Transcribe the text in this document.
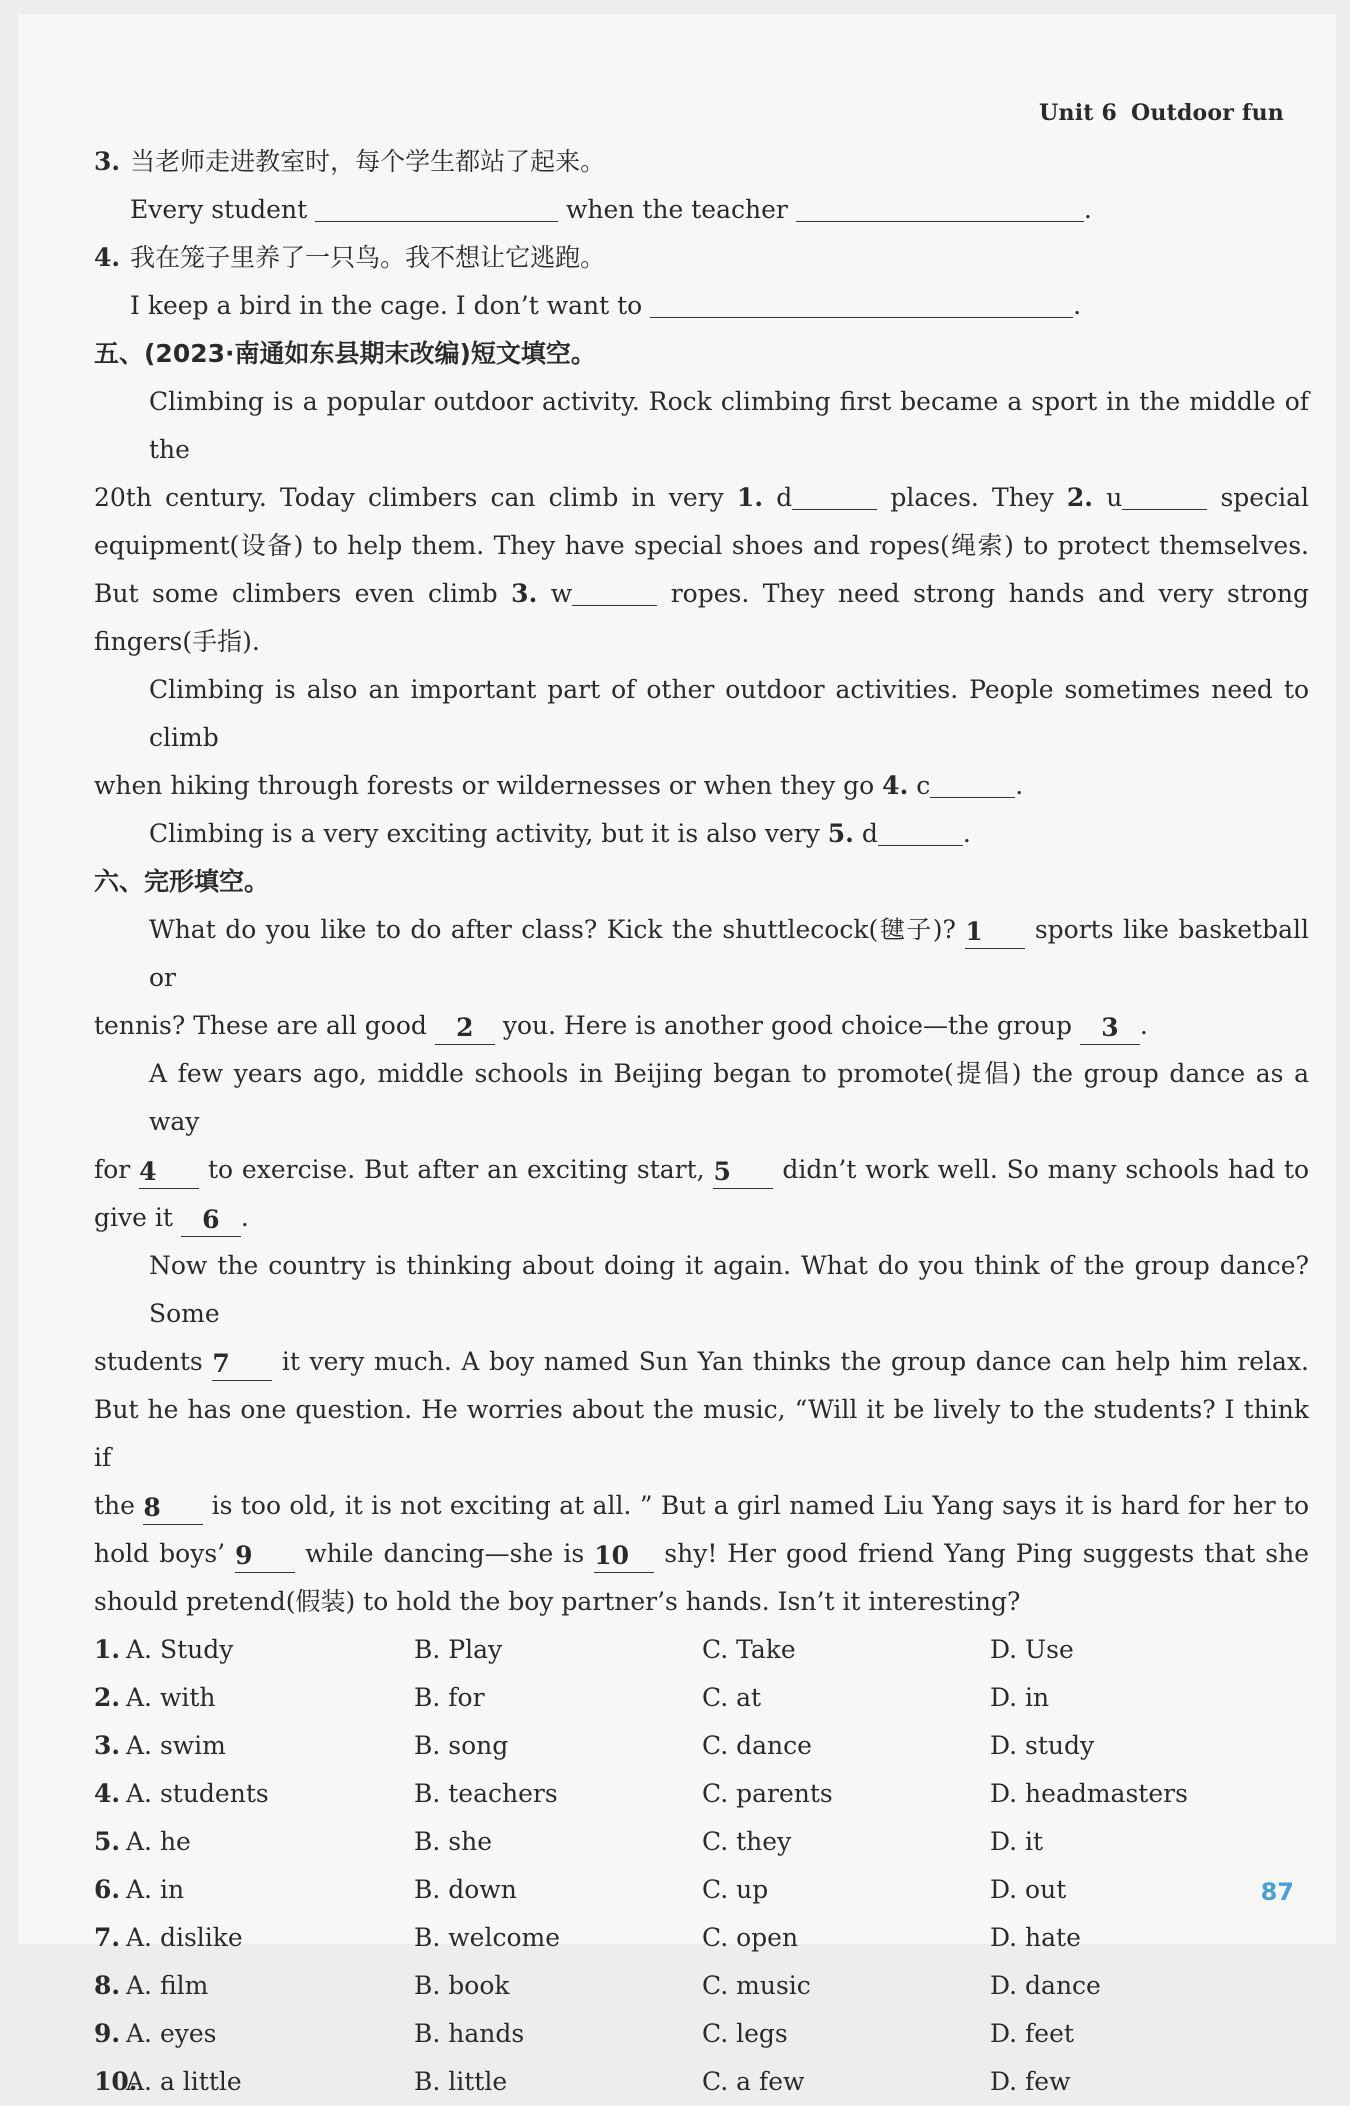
Unit 6 Outdoor fun
3. 当老师走进教室时，每个学生都站了起来。
Every student	when the teacher	.
4. 我在笼子里养了一只鸟。我不想让它逃跑。
I keep a bird in the cage. I don’t want to	.
五、(2023·南通如东县期末改编)短文填空。
Climbing is a popular outdoor activity. Rock climbing first became a sport in the middle of the
20th century. Today climbers can climb in very 1. d	places. They 2. u	special
equipment(设备) to help them. They have special shoes and ropes(绳索) to protect themselves.
But some climbers even climb 3. w	ropes. They need strong hands and very strong
fingers(手指).
Climbing is also an important part of other outdoor activities. People sometimes need to climb
when hiking through forests or wildernesses or when they go 4. c	.
Climbing is a very exciting activity, but it is also very 5. d	.
六、完形填空。
What do you like to do after class? Kick the shuttlecock(毽子)? 1 sports like basketball or
tennis? These are all good 2 you. Here is another good choice—the group 3 .
A few years ago, middle schools in Beijing began to promote(提倡) the group dance as a way
for 4 to exercise. But after an exciting start, 5 didn’t work well. So many schools had to
give it 6 .
Now the country is thinking about doing it again. What do you think of the group dance? Some
students 7 it very much. A boy named Sun Yan thinks the group dance can help him relax.
But he has one question. He worries about the music, “Will it be lively to the students? I think if
the 8 is too old, it is not exciting at all. ” But a girl named Liu Yang says it is hard for her to
hold boys’ 9 while dancing—she is 10 shy! Her good friend Yang Ping suggests that she
should pretend(假装) to hold the boy partner’s hands. Isn’t it interesting?
1. A. Study	B. Play	C. Take	D. Use
2. A. with	B. for	C. at	D. in
3. A. swim	B. song	C. dance	D. study
4. A. students	B. teachers	C. parents	D. headmasters
5. A. he	B. she	C. they	D. it
6. A. in	B. down	C. up	D. out
7. A. dislike	B. welcome	C. open	D. hate
8. A. film	B. book	C. music	D. dance
9. A. eyes	B. hands	C. legs	D. feet
10.
A. a little	B. little	C. a few	D. few
87
